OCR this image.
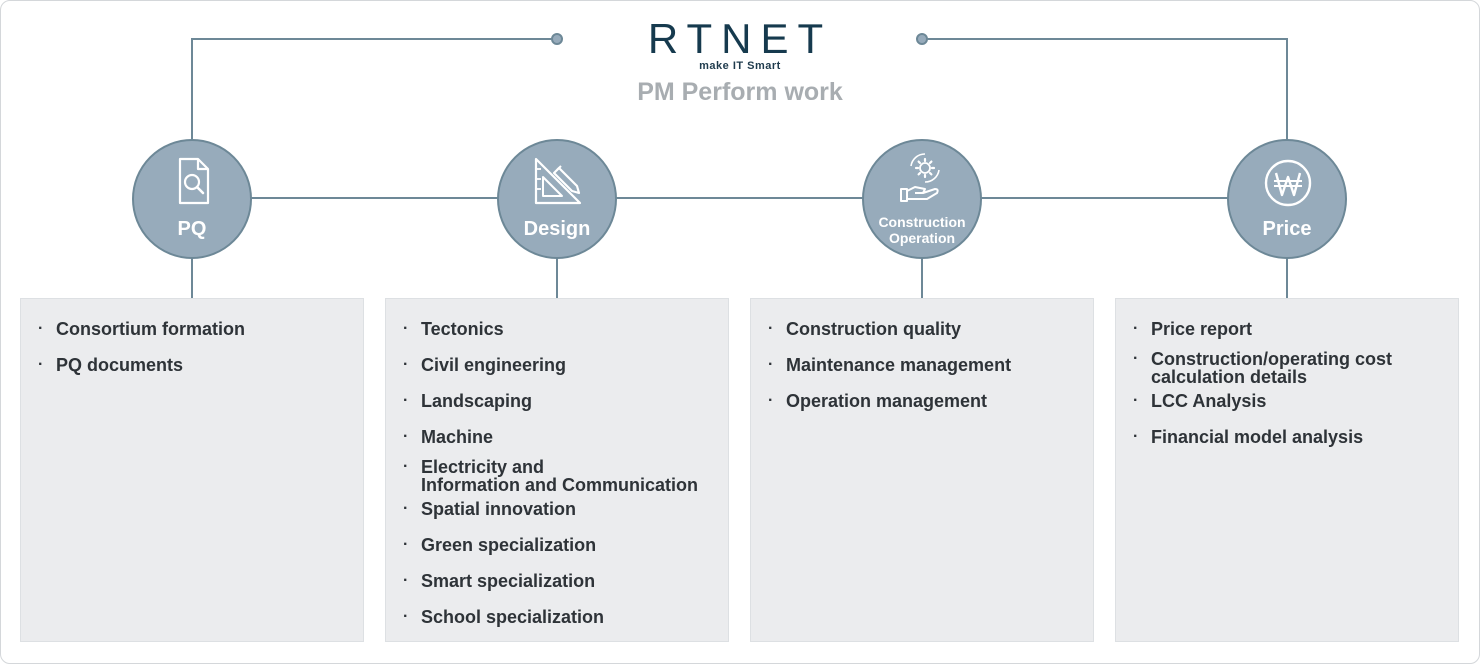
RTNET
make IT Smart
PM Perform work
PQ	Design	Construction
Operation	Price
· Consortium formation
· PQ documents
· Tectonics
· Civil engineering
· Landscaping
· Machine
· Electricity and
Information and Communication
· Spatial innovation
· Green specialization
· Smart specialization
· School specialization
· Construction quality
· Maintenance management
· Operation management
· Price report
· Construction/operating cost
calculation details
· LCC Analysis
· Financial model analysis
